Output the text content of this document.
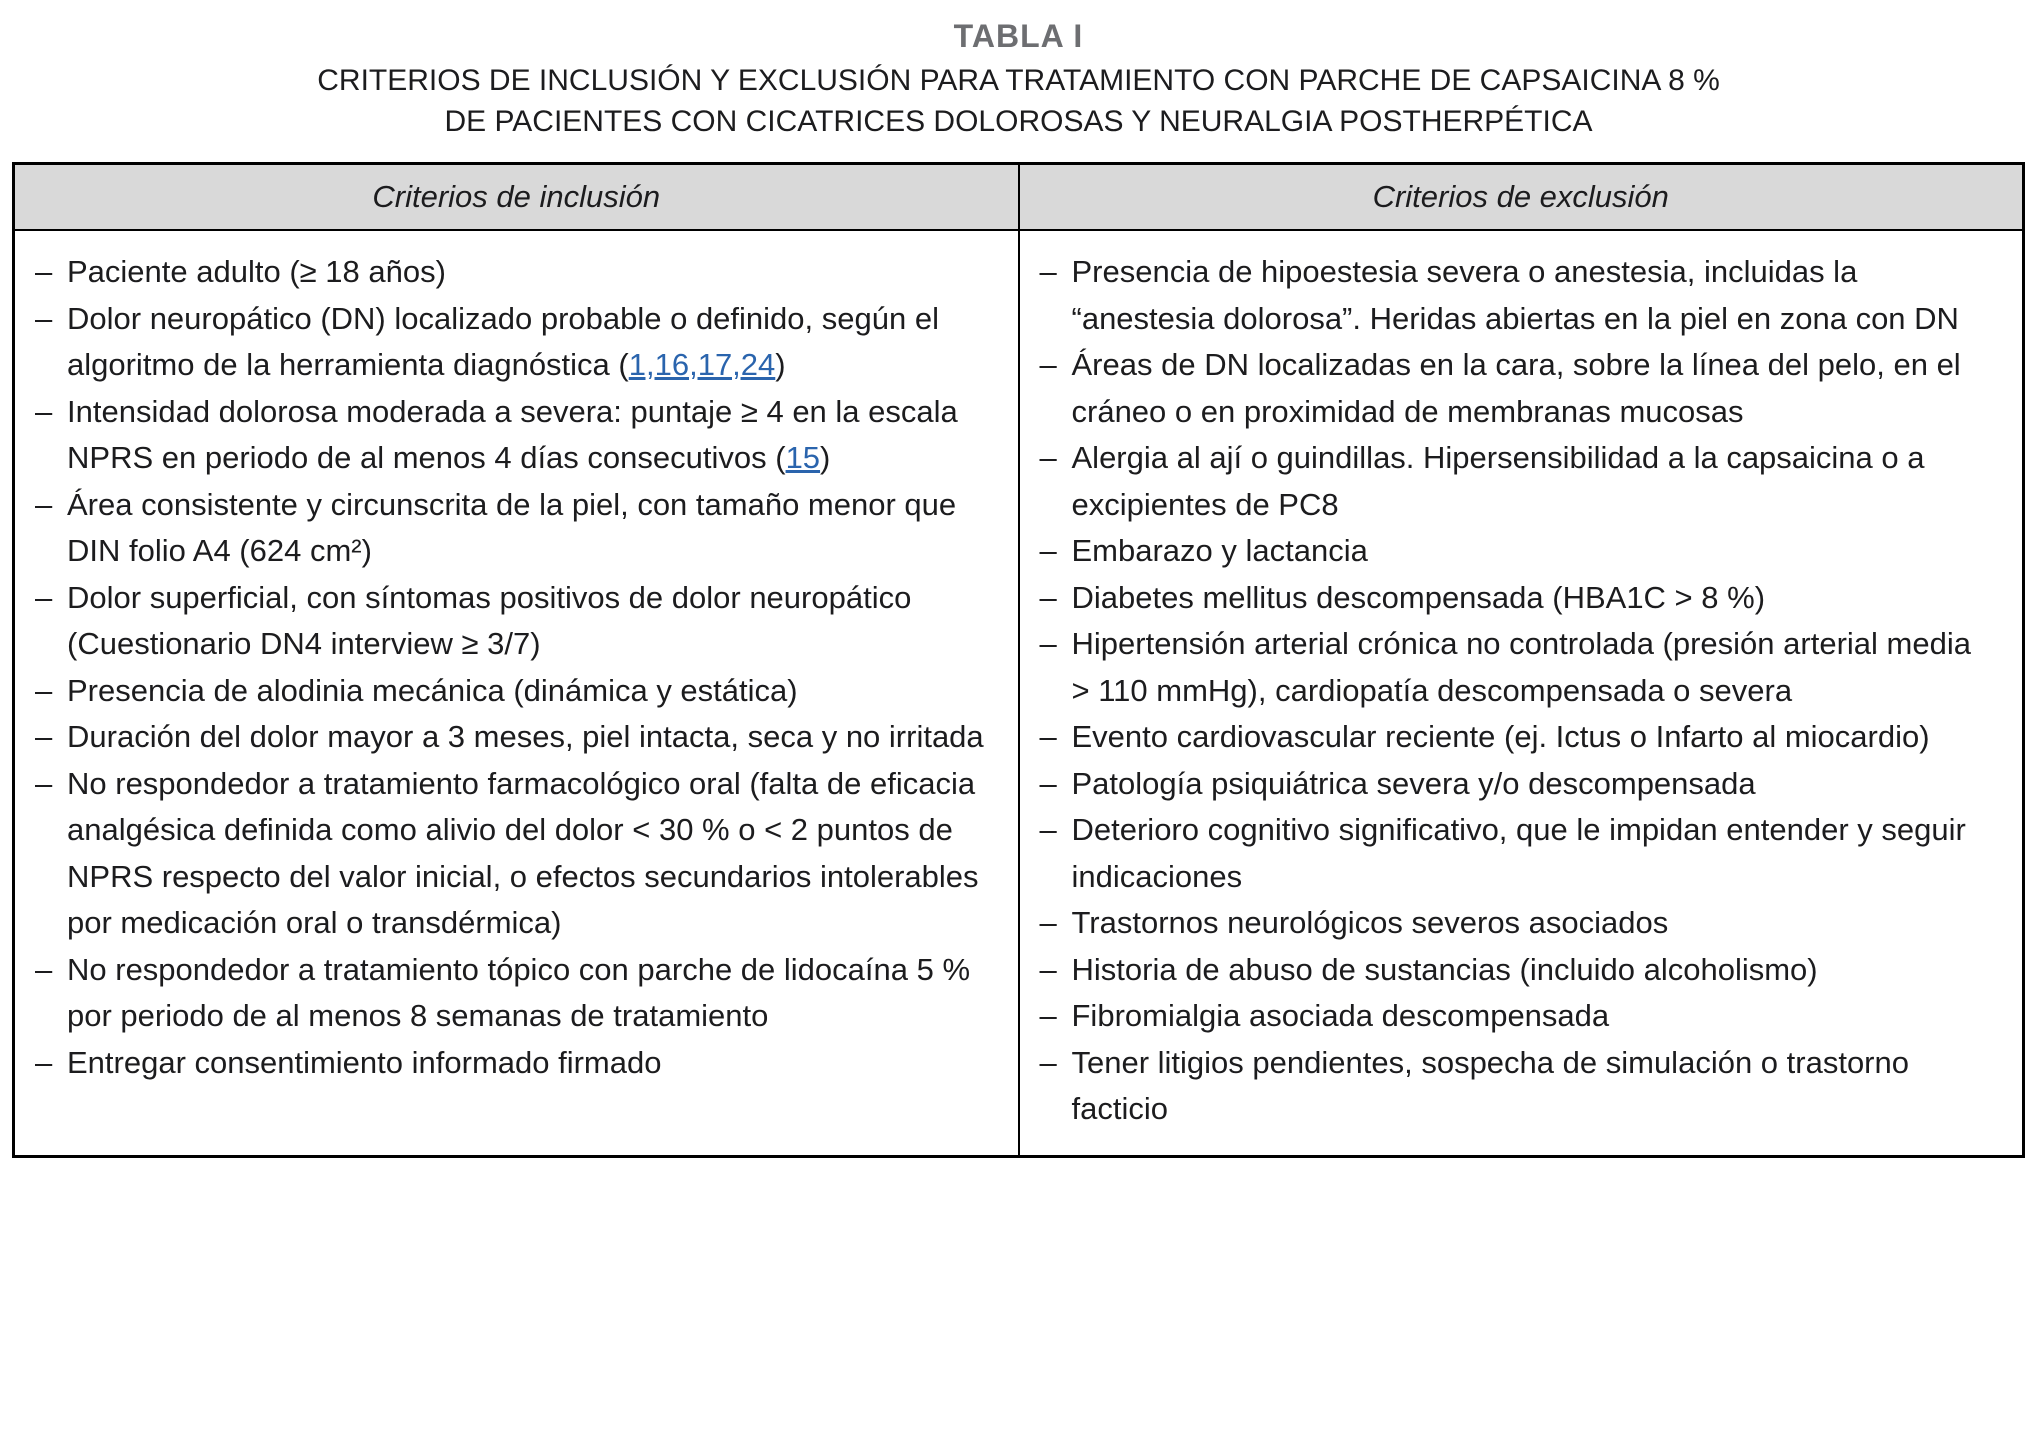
TABLA I
CRITERIOS DE INCLUSIÓN Y EXCLUSIÓN PARA TRATAMIENTO CON PARCHE DE CAPSAICINA 8 %
DE PACIENTES CON CICATRICES DOLOROSAS Y NEURALGIA POSTHERPÉTICA
Criterios de inclusión	Criterios de exclusión

– Paciente adulto (≥ 18 años)
– Dolor neuropático (DN) localizado probable o definido, según el algoritmo de la herramienta diagnóstica (1,16,17,24)
– Intensidad dolorosa moderada a severa: puntaje ≥ 4 en la escala NPRS en periodo de al menos 4 días consecutivos (15)
– Área consistente y circunscrita de la piel, con tamaño menor que DIN folio A4 (624 cm²)
– Dolor superficial, con síntomas positivos de dolor neuropático (Cuestionario DN4 interview ≥ 3/7)
– Presencia de alodinia mecánica (dinámica y estática)
– Duración del dolor mayor a 3 meses, piel intacta, seca y no irritada
– No respondedor a tratamiento farmacológico oral (falta de eficacia analgésica definida como alivio del dolor < 30 % o < 2 puntos de NPRS respecto del valor inicial, o efectos secundarios intolerables por medicación oral o transdérmica)
– No respondedor a tratamiento tópico con parche de lidocaína 5 % por periodo de al menos 8 semanas de tratamiento
– Entregar consentimiento informado firmado

– Presencia de hipoestesia severa o anestesia, incluidas la “anestesia dolorosa”. Heridas abiertas en la piel en zona con DN
– Áreas de DN localizadas en la cara, sobre la línea del pelo, en el cráneo o en proximidad de membranas mucosas
– Alergia al ají o guindillas. Hipersensibilidad a la capsaicina o a excipientes de PC8
– Embarazo y lactancia
– Diabetes mellitus descompensada (HBA1C > 8 %)
– Hipertensión arterial crónica no controlada (presión arterial media > 110 mmHg), cardiopatía descompensada o severa
– Evento cardiovascular reciente (ej. Ictus o Infarto al miocardio)
– Patología psiquiátrica severa y/o descompensada
– Deterioro cognitivo significativo, que le impidan entender y seguir indicaciones
– Trastornos neurológicos severos asociados
– Historia de abuso de sustancias (incluido alcoholismo)
– Fibromialgia asociada descompensada
– Tener litigios pendientes, sospecha de simulación o trastorno facticio
